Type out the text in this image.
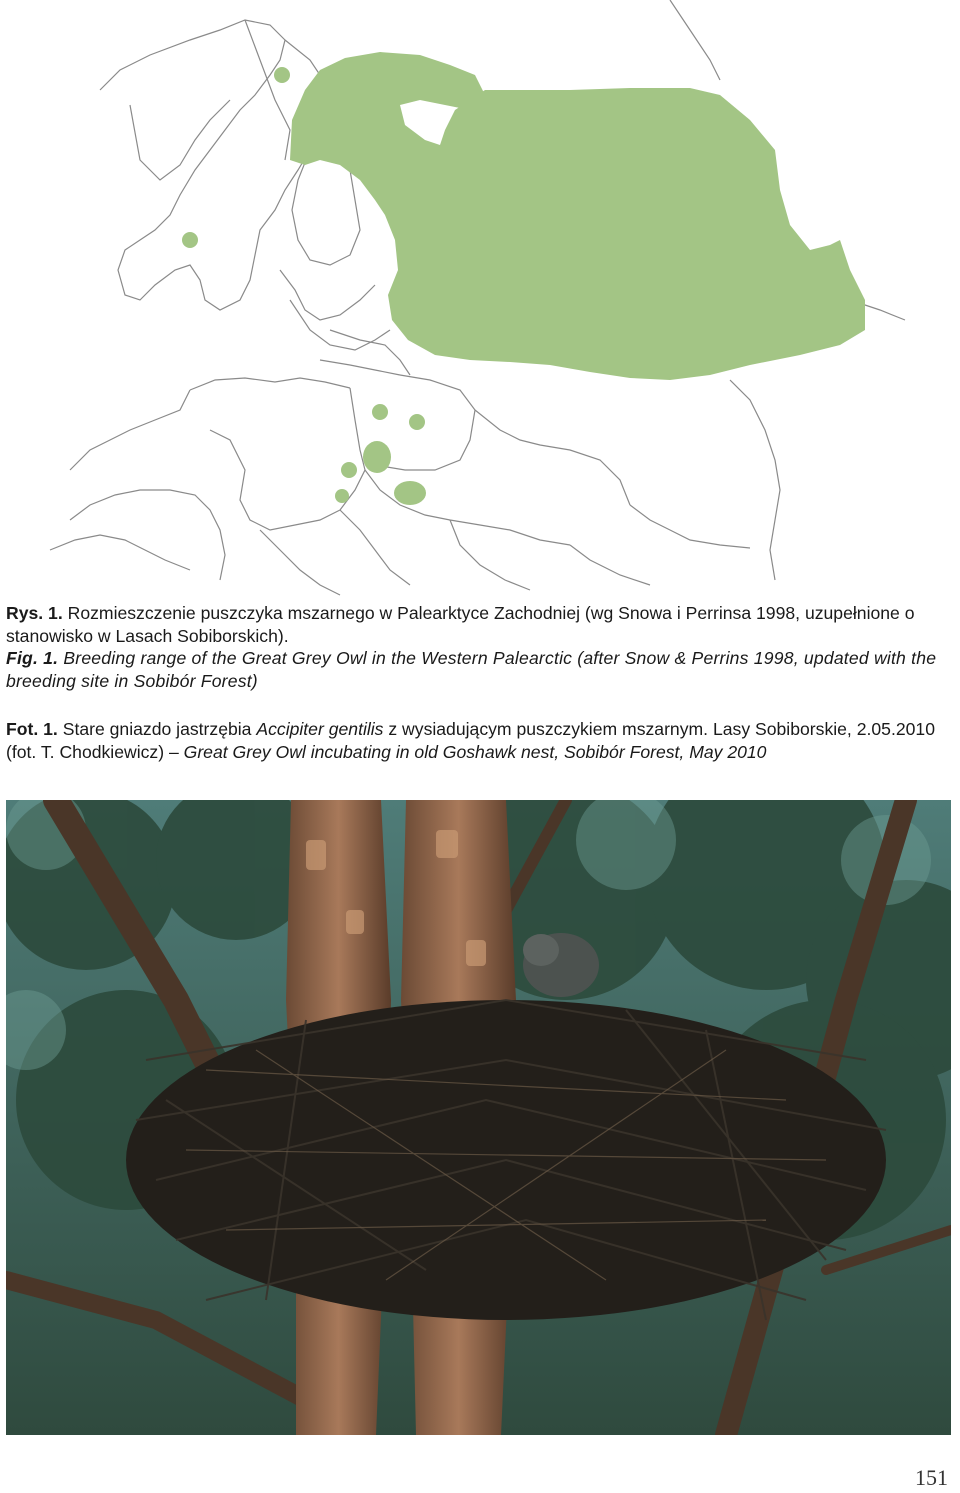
Rys. 1. Rozmieszczenie puszczyka mszarnego w Palearktyce Zachodniej (wg Snowa i Perrinsa 1998, uzupełnione o stanowisko w Lasach Sobiborskich).
Fig. 1. Breeding range of the Great Grey Owl in the Western Palearctic (after Snow & Perrins 1998, updated with the breeding site in Sobibór Forest)
Fot. 1. Stare gniazdo jastrzębia Accipiter gentilis z wysiadującym puszczykiem mszarnym. Lasy Sobiborskie, 2.05.2010 (fot. T. Chodkiewicz) – Great Grey Owl incubating in old Goshawk nest, Sobibór Forest, May 2010
151
